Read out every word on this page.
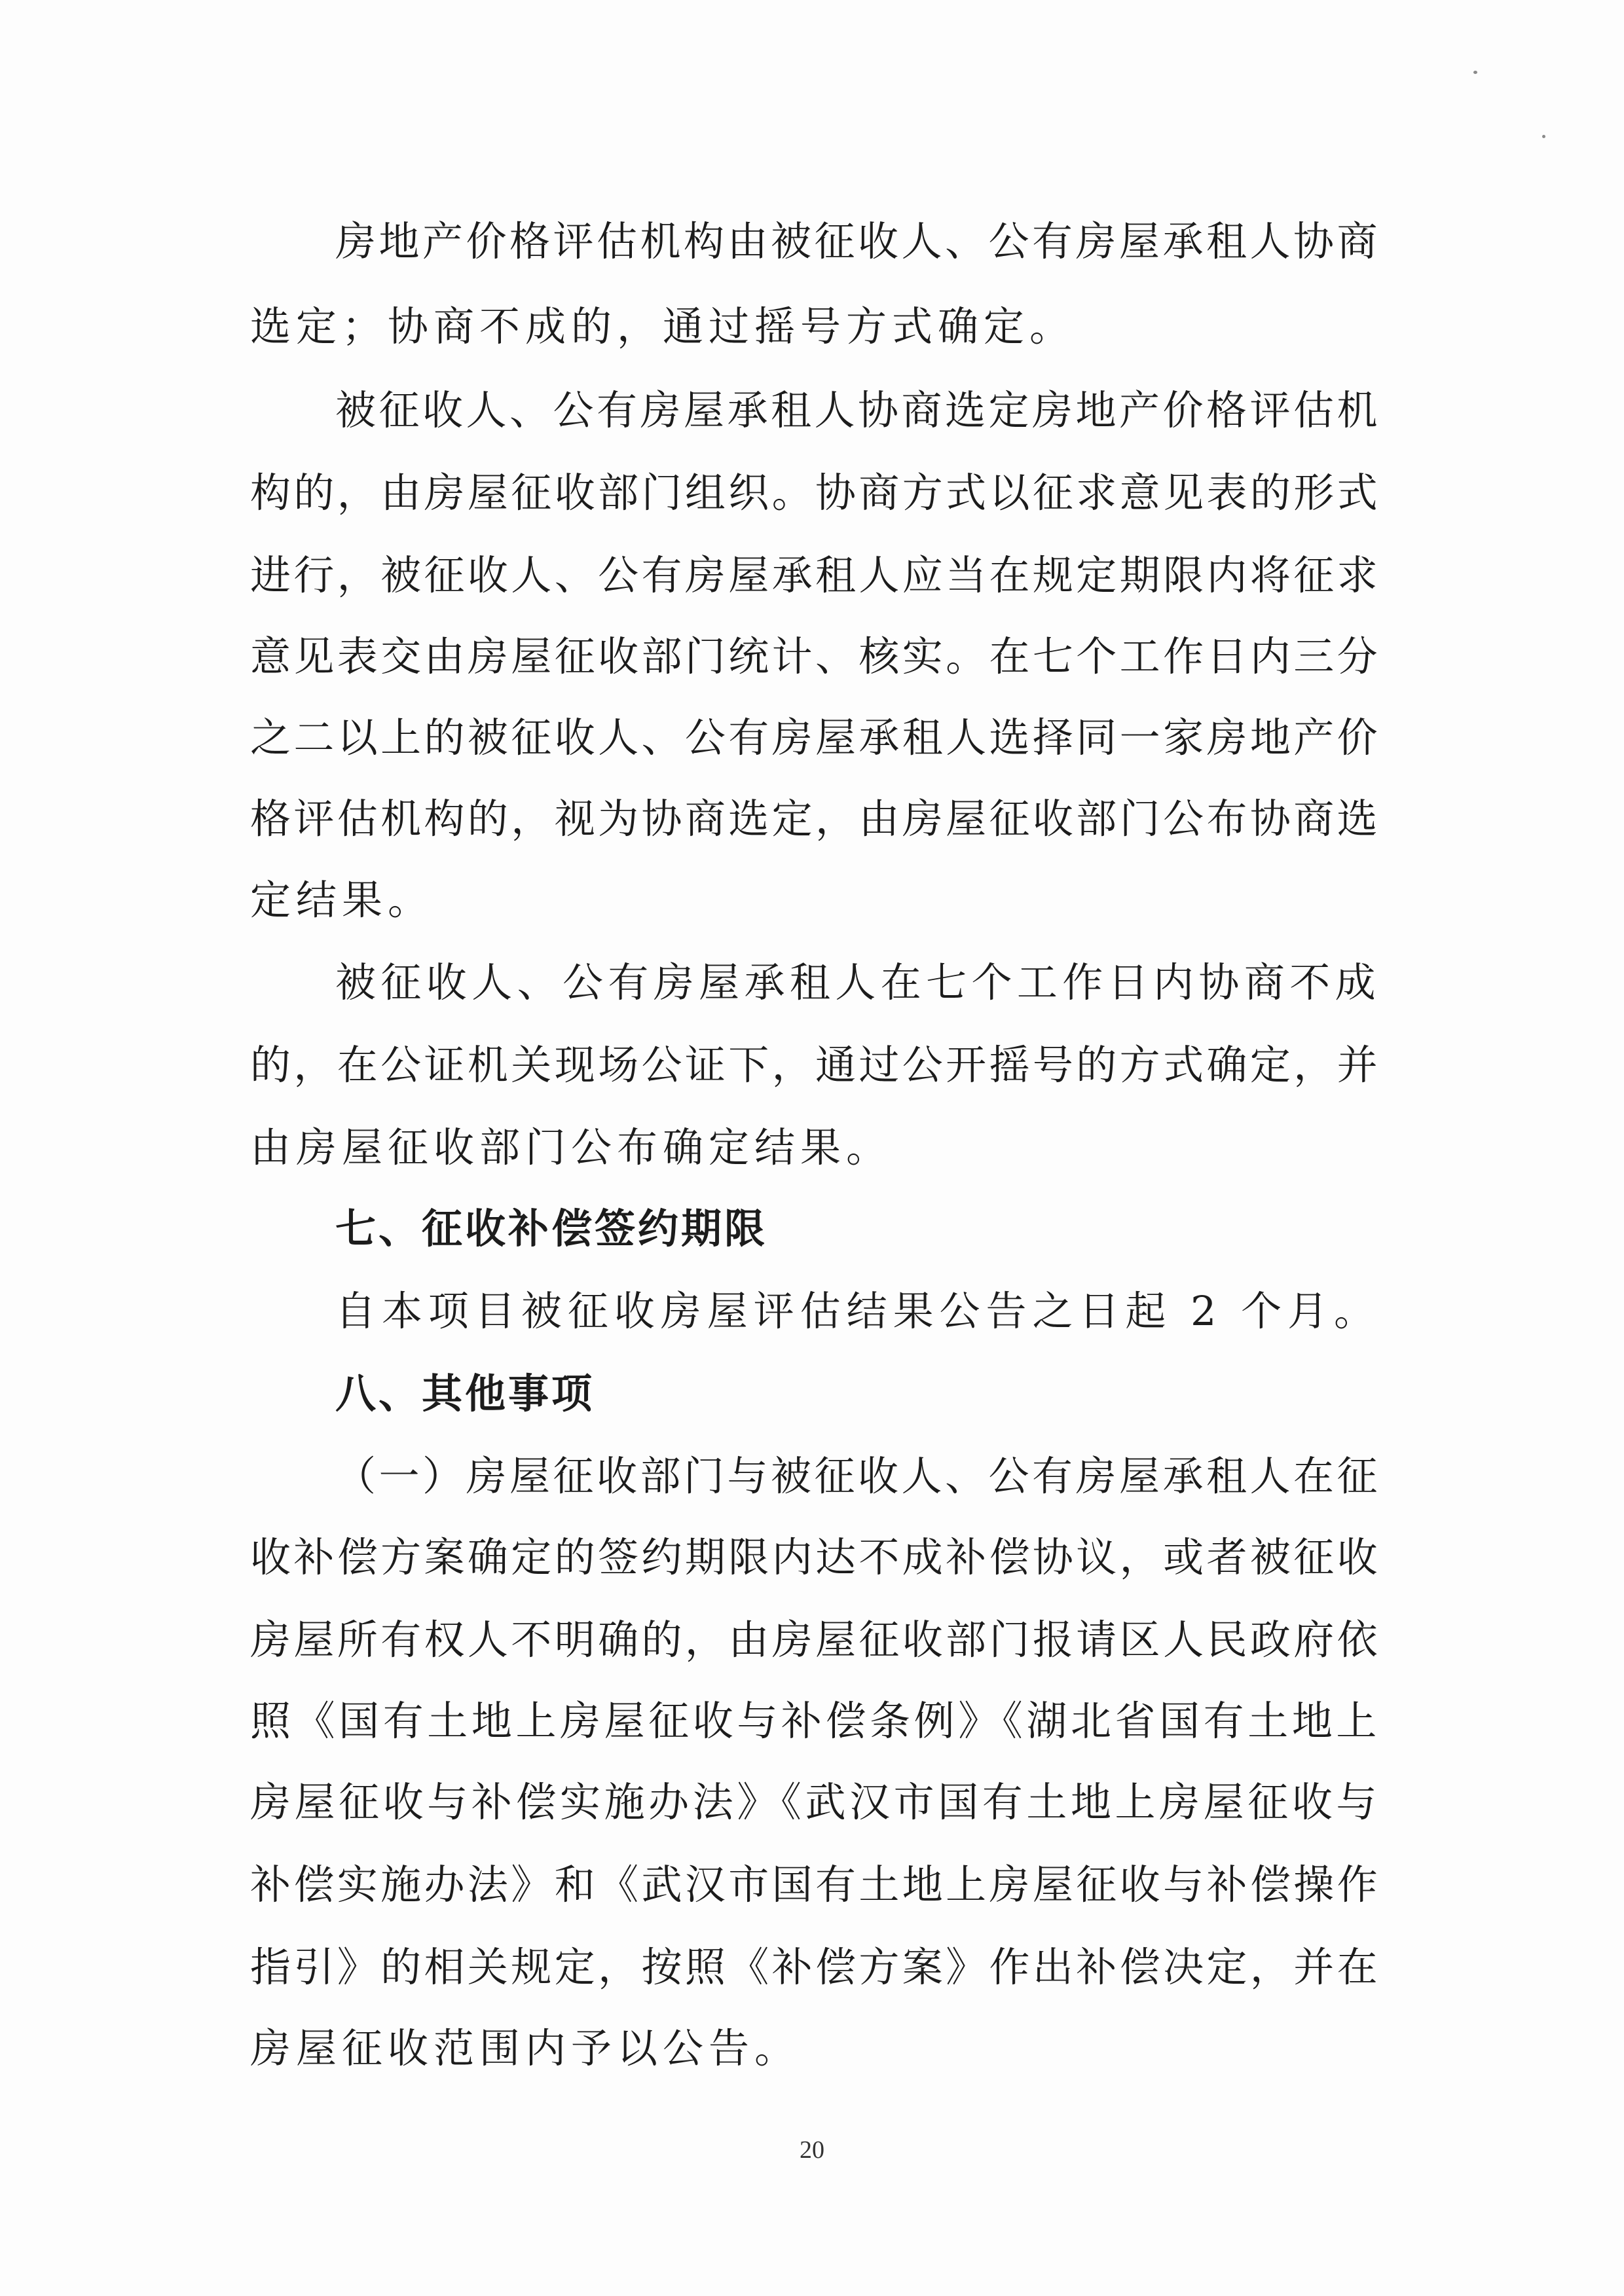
房地产价格评估机构由被征收人、公有房屋承租人协商
选定；协商不成的，通过摇号方式确定。
被征收人、公有房屋承租人协商选定房地产价格评估机
构的，由房屋征收部门组织。协商方式以征求意见表的形式
进行，被征收人、公有房屋承租人应当在规定期限内将征求
意见表交由房屋征收部门统计、核实。在七个工作日内三分
之二以上的被征收人、公有房屋承租人选择同一家房地产价
格评估机构的，视为协商选定，由房屋征收部门公布协商选
定结果。
被征收人、公有房屋承租人在七个工作日内协商不成
的，在公证机关现场公证下，通过公开摇号的方式确定，并
由房屋征收部门公布确定结果。
七、征收补偿签约期限
自本项目被征收房屋评估结果公告之日起 2 个月。
八、其他事项
（一）房屋征收部门与被征收人、公有房屋承租人在征
收补偿方案确定的签约期限内达不成补偿协议，或者被征收
房屋所有权人不明确的，由房屋征收部门报请区人民政府依
照《国有土地上房屋征收与补偿条例》《湖北省国有土地上
房屋征收与补偿实施办法》《武汉市国有土地上房屋征收与
补偿实施办法》和《武汉市国有土地上房屋征收与补偿操作
指引》的相关规定，按照《补偿方案》作出补偿决定，并在
房屋征收范围内予以公告。
20
